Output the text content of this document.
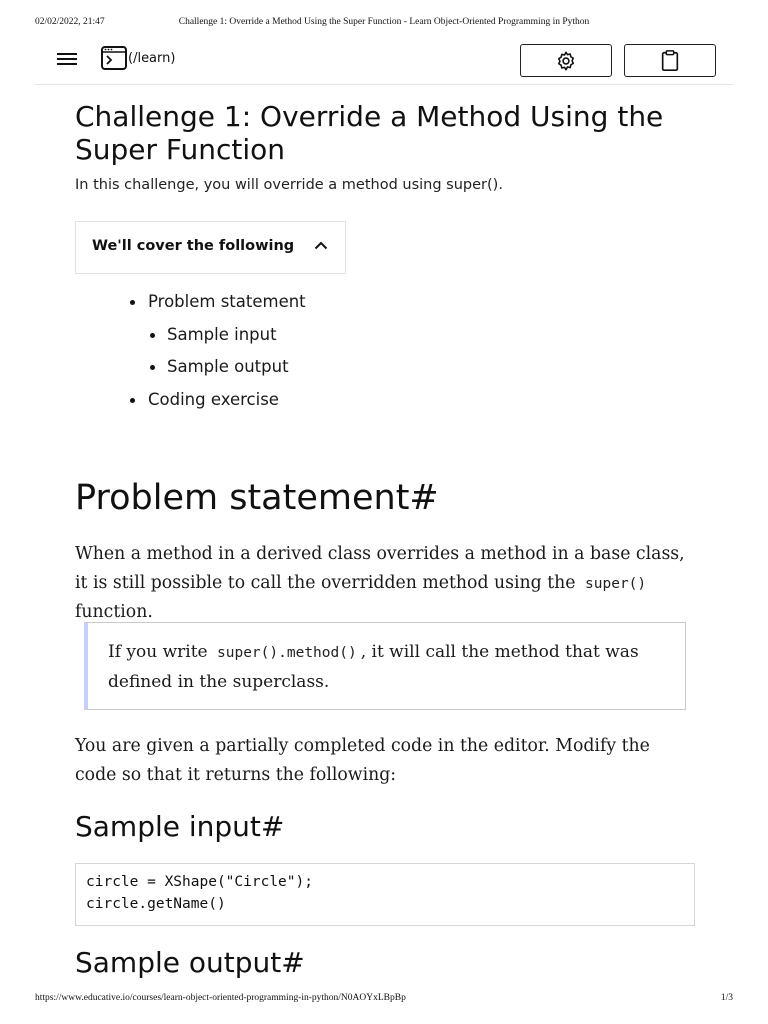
02/02/2022, 21:47	Challenge 1: Override a Method Using the Super Function - Learn Object-Oriented Programming in Python
(/learn)
Challenge 1: Override a Method Using the Super Function
In this challenge, you will override a method using super().
We'll cover the following
Problem statement
Sample input
Sample output
Coding exercise
Problem statement#
When a method in a derived class overrides a method in a base class, it is still possible to call the overridden method using the super() function.
If you write super().method() , it will call the method that was defined in the superclass.
You are given a partially completed code in the editor. Modify the code so that it returns the following:
Sample input#
circle = XShape("Circle");
circle.getName()
Sample output#
https://www.educative.io/courses/learn-object-oriented-programming-in-python/N0AOYxLBpBp	1/3
